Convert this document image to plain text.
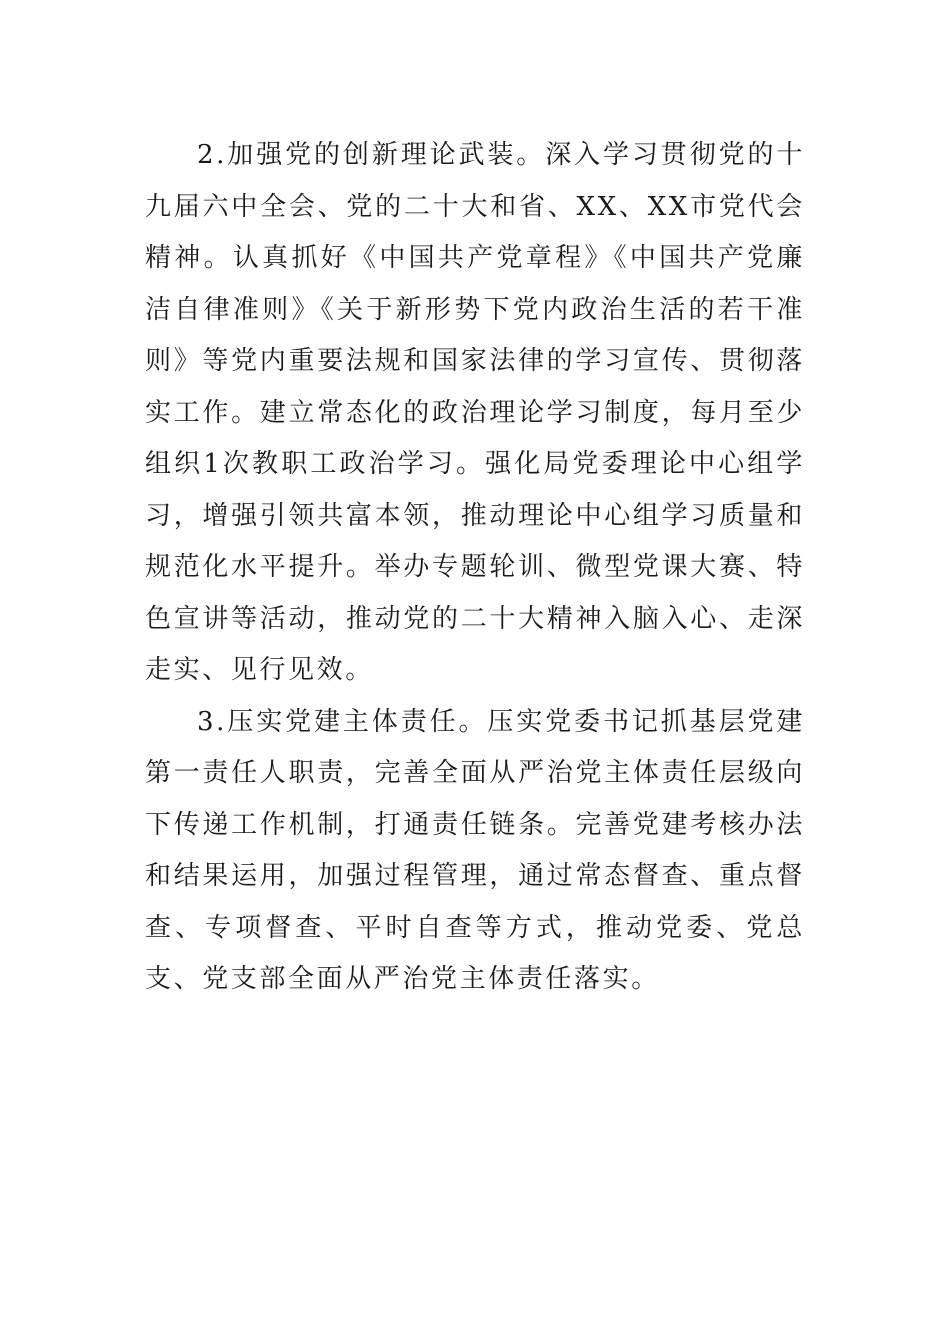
2.加强党的创新理论武装。深入学习贯彻党的十九届六中全会、党的二十大和省、XX、XX市党代会精神。认真抓好《中国共产党章程》《中国共产党廉洁自律准则》《关于新形势下党内政治生活的若干准则》等党内重要法规和国家法律的学习宣传、贯彻落实工作。建立常态化的政治理论学习制度，每月至少组织1次教职工政治学习。强化局党委理论中心组学习，增强引领共富本领，推动理论中心组学习质量和规范化水平提升。举办专题轮训、微型党课大赛、特色宣讲等活动，推动党的二十大精神入脑入心、走深走实、见行见效。

3.压实党建主体责任。压实党委书记抓基层党建第一责任人职责，完善全面从严治党主体责任层级向下传递工作机制，打通责任链条。完善党建考核办法和结果运用，加强过程管理，通过常态督查、重点督查、专项督查、平时自查等方式，推动党委、党总支、党支部全面从严治党主体责任落实。
